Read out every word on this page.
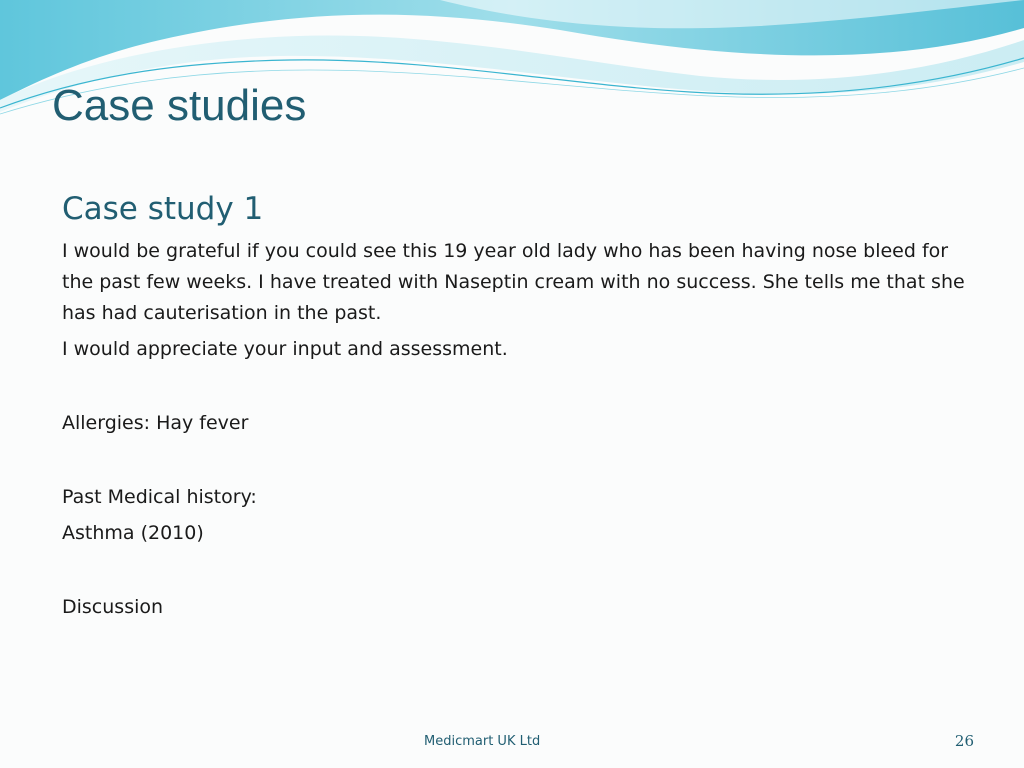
Case studies
Case study 1

I would be grateful if you could see this 19 year old lady who has been having nose bleed for the past few weeks. I have treated with Naseptin cream with no success. She tells me that she has had cauterisation in the past.

I would appreciate your input and assessment.

Allergies: Hay fever

Past Medical history:

Asthma (2010)

Discussion

Medicmart UK Ltd	26
